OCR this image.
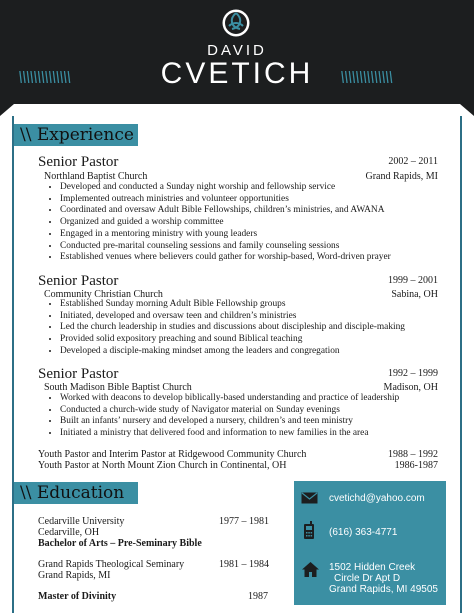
DAVID
CVETICH
\\\\\\\\\\\\\\	\\\\\\\\\\\\\\
\\ Experience
Senior Pastor	2002 – 2011
Northland Baptist Church	Grand Rapids, MI
• Developed and conducted a Sunday night worship and fellowship service
• Implemented outreach ministries and volunteer opportunities
• Coordinated and oversaw Adult Bible Fellowships, children’s ministries, and AWANA
• Organized and guided a worship committee
• Engaged in a mentoring ministry with young leaders
• Conducted pre-marital counseling sessions and family counseling sessions
• Established venues where believers could gather for worship-based, Word-driven prayer
Senior Pastor	1999 – 2001
Community Christian Church	Sabina, OH
• Established Sunday morning Adult Bible Fellowship groups
• Initiated, developed and oversaw teen and children’s ministries
• Led the church leadership in studies and discussions about discipleship and disciple-making
• Provided solid expository preaching and sound Biblical teaching
• Developed a disciple-making mindset among the leaders and congregation
Senior Pastor	1992 – 1999
South Madison Bible Baptist Church	Madison, OH
• Worked with deacons to develop biblically-based understanding and practice of leadership
• Conducted a church-wide study of Navigator material on Sunday evenings
• Built an infants’ nursery and developed a nursery, children’s and teen ministry
• Initiated a ministry that delivered food and information to new families in the area
Youth Pastor and Interim Pastor at Ridgewood Community Church	1988 – 1992
Youth Pastor at North Mount Zion Church in Continental, OH	1986-1987
\\ Education
Cedarville University	1977 – 1981
Cedarville, OH
Bachelor of Arts – Pre-Seminary Bible
Grand Rapids Theological Seminary	1981 – 1984
Grand Rapids, MI
Master of Divinity	1987
cvetichd@yahoo.com
(616) 363-4771
1502 Hidden Creek
Circle Dr Apt D
Grand Rapids, MI 49505
